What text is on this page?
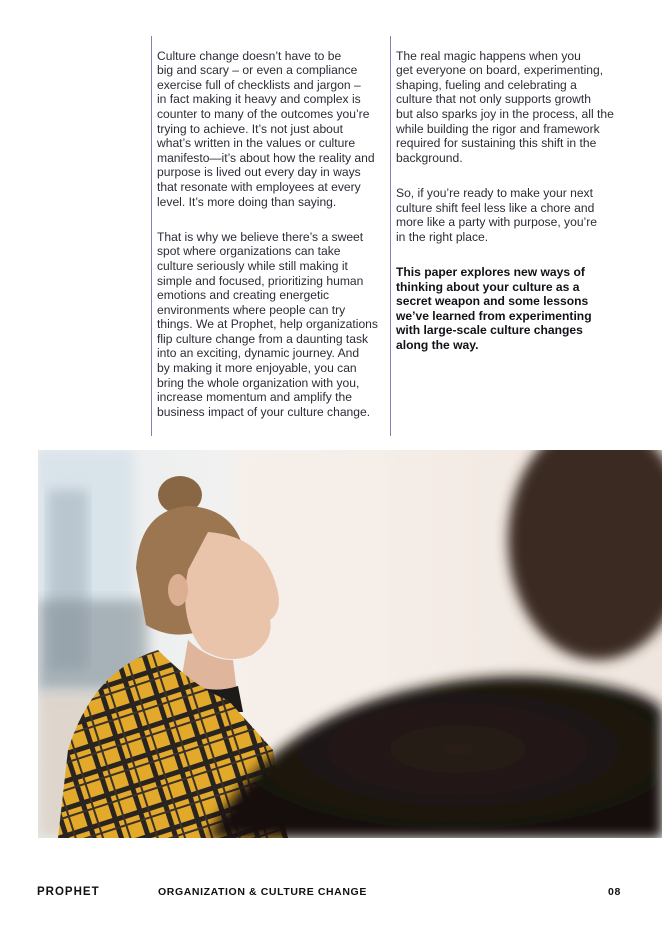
Culture change doesn’t have to be
big and scary – or even a compliance
exercise full of checklists and jargon –
in fact making it heavy and complex is
counter to many of the outcomes you’re
trying to achieve. It’s not just about
what’s written in the values or culture
manifesto—it’s about how the reality and
purpose is lived out every day in ways
that resonate with employees at every
level. It’s more doing than saying.

That is why we believe there’s a sweet
spot where organizations can take
culture seriously while still making it
simple and focused, prioritizing human
emotions and creating energetic
environments where people can try
things. We at Prophet, help organizations
flip culture change from a daunting task
into an exciting, dynamic journey. And
by making it more enjoyable, you can
bring the whole organization with you,
increase momentum and amplify the
business impact of your culture change.

The real magic happens when you
get everyone on board, experimenting,
shaping, fueling and celebrating a
culture that not only supports growth
but also sparks joy in the process, all the
while building the rigor and framework
required for sustaining this shift in the
background.

So, if you’re ready to make your next
culture shift feel less like a chore and
more like a party with purpose, you’re
in the right place.

This paper explores new ways of
thinking about your culture as a
secret weapon and some lessons
we’ve learned from experimenting
with large-scale culture changes
along the way.

PROPHET	ORGANIZATION & CULTURE CHANGE	08
